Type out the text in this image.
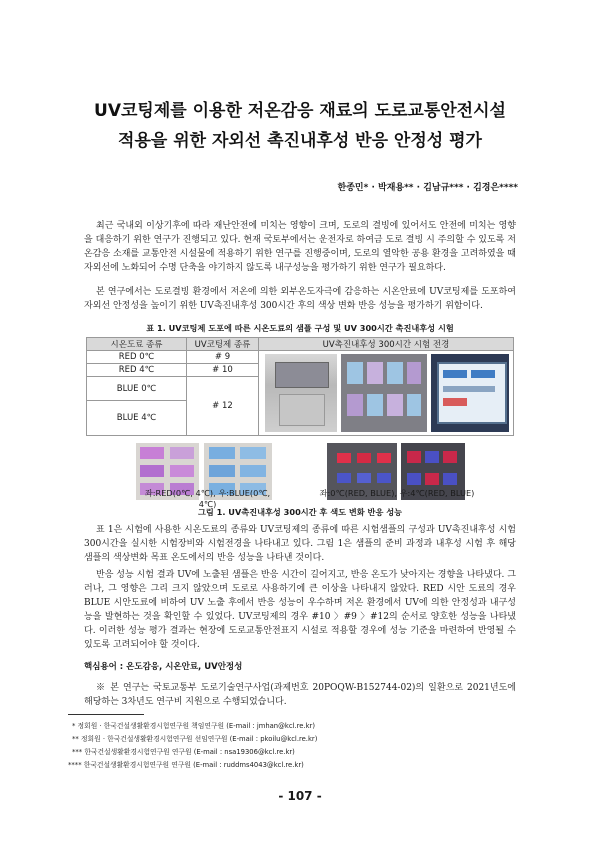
UV코팅제를 이용한 저온감응 재료의 도로교통안전시설
적용을 위한 자외선 촉진내후성 반응 안정성 평가
한종민* · 박재용** · 김남규*** · 김경은****

최근 국내외 이상기후에 따라 재난안전에 미치는 영향이 크며, 도로의 결빙에 있어서도 안전에 미치는 영향을 대응하기 위한 연구가 진행되고 있다. 현재 국토부에서는 운전자로 하여금 도로 결빙 시 주의할 수 있도록 저온감응 소재를 교통안전 시설물에 적용하기 위한 연구를 진행중이며, 도로의 열악한 공용 환경을 고려하였을 때 자외선에 노화되어 수명 단축을 야기하지 않도록 내구성능을 평가하기 위한 연구가 필요하다.

본 연구에서는 도로결빙 환경에서 저온에 의한 외부온도자극에 감응하는 시온안료에 UV코팅제를 도포하여 자외선 안정성을 높이기 위한 UV촉진내후성 300시간 후의 색상 변화 반응 성능을 평가하기 위함이다.

표 1. UV코팅제 도포에 따른 시온도료의 샘플 구성 및 UV 300시간 촉진내후성 시험
시온도료 종류	UV코팅제 종류	UV촉진내후성 300시간 시험 전경
RED 0℃	# 9	

RED 4℃	# 10	
BLUE 0℃	# 12	
BLUE 4℃		
좌:RED(0℃, 4℃), 우:BLUE(0℃, 4℃)
좌:0℃(RED, BLUE), 우:4℃(RED, BLUE)
그림 1. UV촉진내후성 300시간 후 색도 변화 반응 성능

표 1은 시험에 사용한 시온도료의 종류와 UV코팅제의 종류에 따른 시험샘플의 구성과 UV촉진내후성 시험 300시간을 실시한 시험장비와 시험전경을 나타내고 있다. 그림 1은 샘플의 준비 과정과 내후성 시험 후 해당 샘플의 색상변화 목표 온도에서의 반응 성능을 나타낸 것이다.

반응 성능 시험 결과 UV에 노출된 샘플은 반응 시간이 길어지고, 반응 온도가 낮아지는 경향을 나타냈다. 그러나, 그 영향은 그리 크지 않았으며 도로로 사용하기에 큰 이상을 나타내지 않았다. RED 시안 도료의 경우 BLUE 시안도료에 비하여 UV 노출 후에서 반응 성능이 우수하며 저온 환경에서 UV에 의한 안정성과 내구성능을 발현하는 것을 확인할 수 있었다. UV코팅제의 경우 #10 〉#9 〉#12의 순서로 양호한 성능을 나타냈다. 이러한 성능 평가 결과는 현장에 도로교통안전표지 시설로 적용할 경우에 성능 기준을 마련하여 반영될 수 있도록 고려되어야 할 것이다.

핵심용어 : 온도감응, 시온안료, UV안정성

※ 본 연구는 국토교통부 도로기술연구사업(과제번호 20POQW-B152744-02)의 일환으로 2021년도에 해당하는 3차년도 연구비 지원으로 수행되었습니다.

* 정회원 · 한국건설생활환경시험연구원 책임연구원 (E-mail : jmhan@kcl.re.kr)
** 정회원 · 한국건설생활환경시험연구원 선임연구원 (E-mail : pkoilu@kcl.re.kr)
*** 한국건설생활환경시험연구원 연구원 (E-mail : nsa19306@kcl.re.kr)
**** 한국건설생활환경시험연구원 연구원 (E-mail : ruddms4043@kcl.re.kr)
- 107 -
